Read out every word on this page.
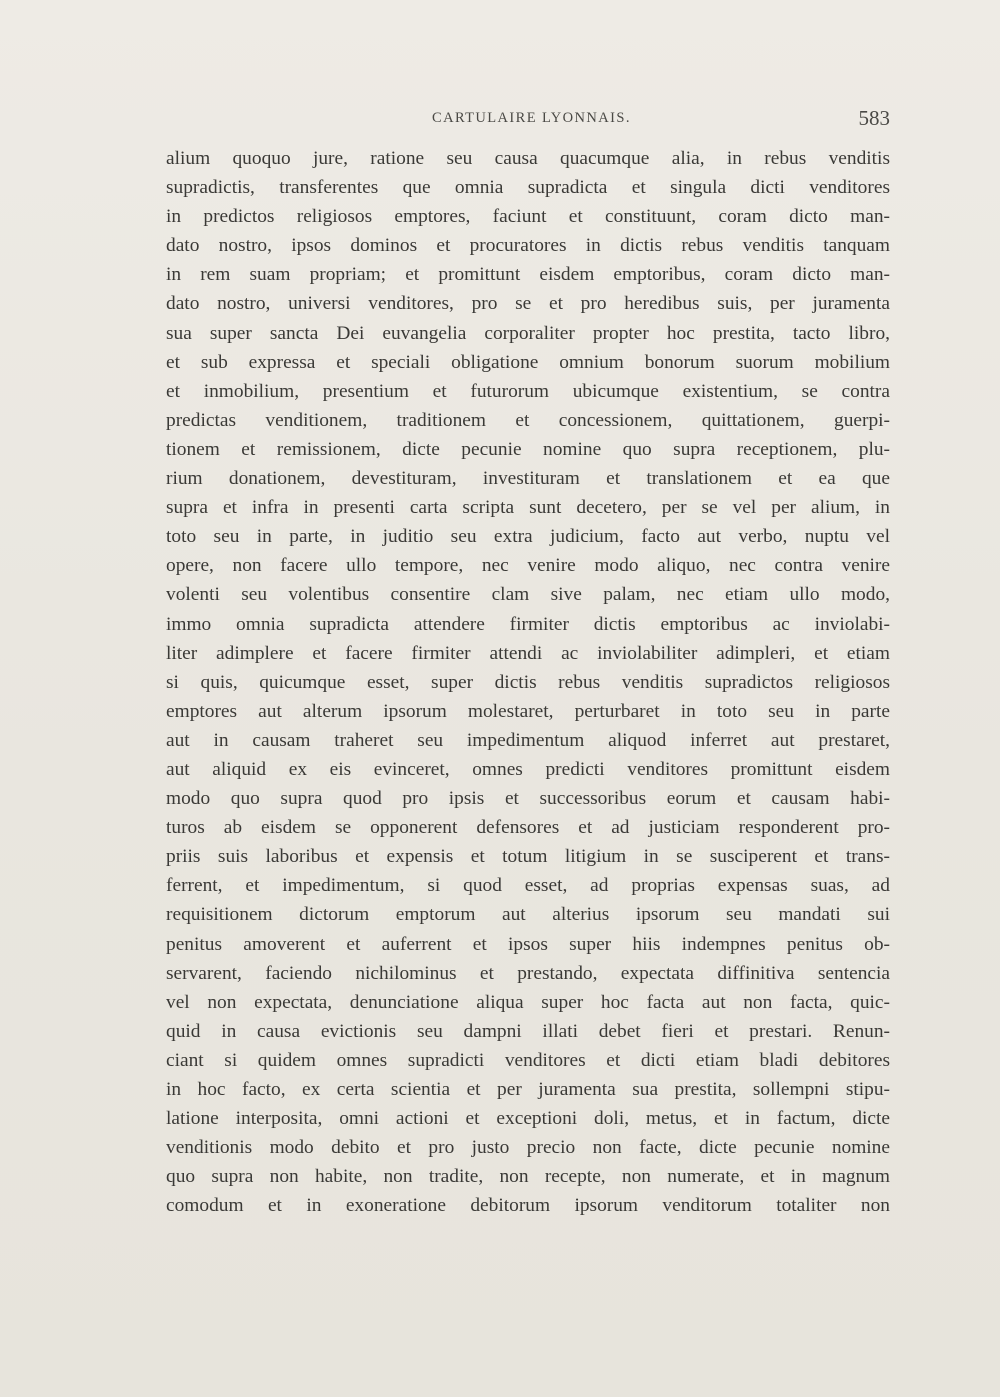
CARTULAIRE LYONNAIS.	583
alium quoquo jure, ratione seu causa quacumque alia, in rebus venditis
supradictis, transferentes que omnia supradicta et singula dicti venditores
in predictos religiosos emptores, faciunt et constituunt, coram dicto man-
dato nostro, ipsos dominos et procuratores in dictis rebus venditis tanquam
in rem suam propriam; et promittunt eisdem emptoribus, coram dicto man-
dato nostro, universi venditores, pro se et pro heredibus suis, per juramenta
sua super sancta Dei euvangelia corporaliter propter hoc prestita, tacto libro,
et sub expressa et speciali obligatione omnium bonorum suorum mobilium
et inmobilium, presentium et futurorum ubicumque existentium, se contra
predictas venditionem, traditionem et concessionem, quittationem, guerpi-
tionem et remissionem, dicte pecunie nomine quo supra receptionem, plu-
rium donationem, devestituram, investituram et translationem et ea que
supra et infra in presenti carta scripta sunt decetero, per se vel per alium, in
toto seu in parte, in juditio seu extra judicium, facto aut verbo, nuptu vel
opere, non facere ullo tempore, nec venire modo aliquo, nec contra venire
volenti seu volentibus consentire clam sive palam, nec etiam ullo modo,
immo omnia supradicta attendere firmiter dictis emptoribus ac inviolabi-
liter adimplere et facere firmiter attendi ac inviolabiliter adimpleri, et etiam
si quis, quicumque esset, super dictis rebus venditis supradictos religiosos
emptores aut alterum ipsorum molestaret, perturbaret in toto seu in parte
aut in causam traheret seu impedimentum aliquod inferret aut prestaret,
aut aliquid ex eis evinceret, omnes predicti venditores promittunt eisdem
modo quo supra quod pro ipsis et successoribus eorum et causam habi-
turos ab eisdem se opponerent defensores et ad justiciam responderent pro-
priis suis laboribus et expensis et totum litigium in se susciperent et trans-
ferrent, et impedimentum, si quod esset, ad proprias expensas suas, ad
requisitionem dictorum emptorum aut alterius ipsorum seu mandati sui
penitus amoverent et auferrent et ipsos super hiis indempnes penitus ob-
servarent, faciendo nichilominus et prestando, expectata diffinitiva sentencia
vel non expectata, denunciatione aliqua super hoc facta aut non facta, quic-
quid in causa evictionis seu dampni illati debet fieri et prestari. Renun-
ciant si quidem omnes supradicti venditores et dicti etiam bladi debitores
in hoc facto, ex certa scientia et per juramenta sua prestita, sollempni stipu-
latione interposita, omni actioni et exceptioni doli, metus, et in factum, dicte
venditionis modo debito et pro justo precio non facte, dicte pecunie nomine
quo supra non habite, non tradite, non recepte, non numerate, et in magnum
comodum et in exoneratione debitorum ipsorum venditorum totaliter non
